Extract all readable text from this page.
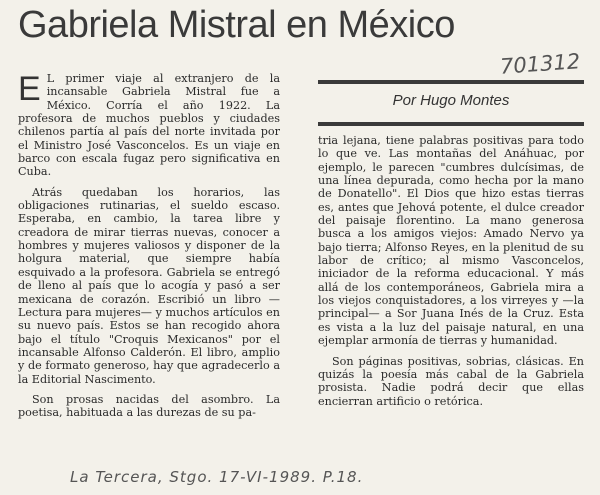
Gabriela Mistral en México
701312
Por Hugo Montes

E L primer viaje al extranjero de la incansable Gabriela Mistral fue a México. Corría el año 1922. La profesora de muchos pueblos y ciudades chilenos partía al país del norte invitada por el Ministro José Vasconcelos. Es un viaje en barco con escala fugaz pero significativa en Cuba.

Atrás quedaban los horarios, las obligaciones rutinarias, el sueldo escaso. Esperaba, en cambio, la tarea libre y creadora de mirar tierras nuevas, conocer a hombres y mujeres valiosos y disponer de la holgura material, que siempre había esquivado a la profesora. Gabriela se entregó de lleno al país que lo acogía y pasó a ser mexicana de corazón. Escribió un libro —Lectura para mujeres— y muchos artículos en su nuevo país. Estos se han recogido ahora bajo el título "Croquis Mexicanos" por el incansable Alfonso Calderón. El libro, amplio y de formato generoso, hay que agradecerlo a la Editorial Nascimento.

Son prosas nacidas del asombro. La poetisa, habituada a las durezas de su pa-

tria lejana, tiene palabras positivas para todo lo que ve. Las montañas del Anáhuac, por ejemplo, le parecen "cumbres dulcísimas, de una línea depurada, como hecha por la mano de Donatello". El Dios que hizo estas tierras es, antes que Jehová potente, el dulce creador del paisaje florentino. La mano generosa busca a los amigos viejos: Amado Nervo ya bajo tierra; Alfonso Reyes, en la plenitud de su labor de crítico; al mismo Vasconcelos, iniciador de la reforma educacional. Y más allá de los contemporáneos, Gabriela mira a los viejos conquistadores, a los virreyes y —la principal— a Sor Juana Inés de la Cruz. Esta es vista a la luz del paisaje natural, en una ejemplar armonía de tierras y humanidad.

Son páginas positivas, sobrias, clásicas. En quizás la poesía más cabal de la Gabriela prosista. Nadie podrá decir que ellas encierran artificio o retórica.

La Tercera, Stgo. 17-VI-1989. P.18.
